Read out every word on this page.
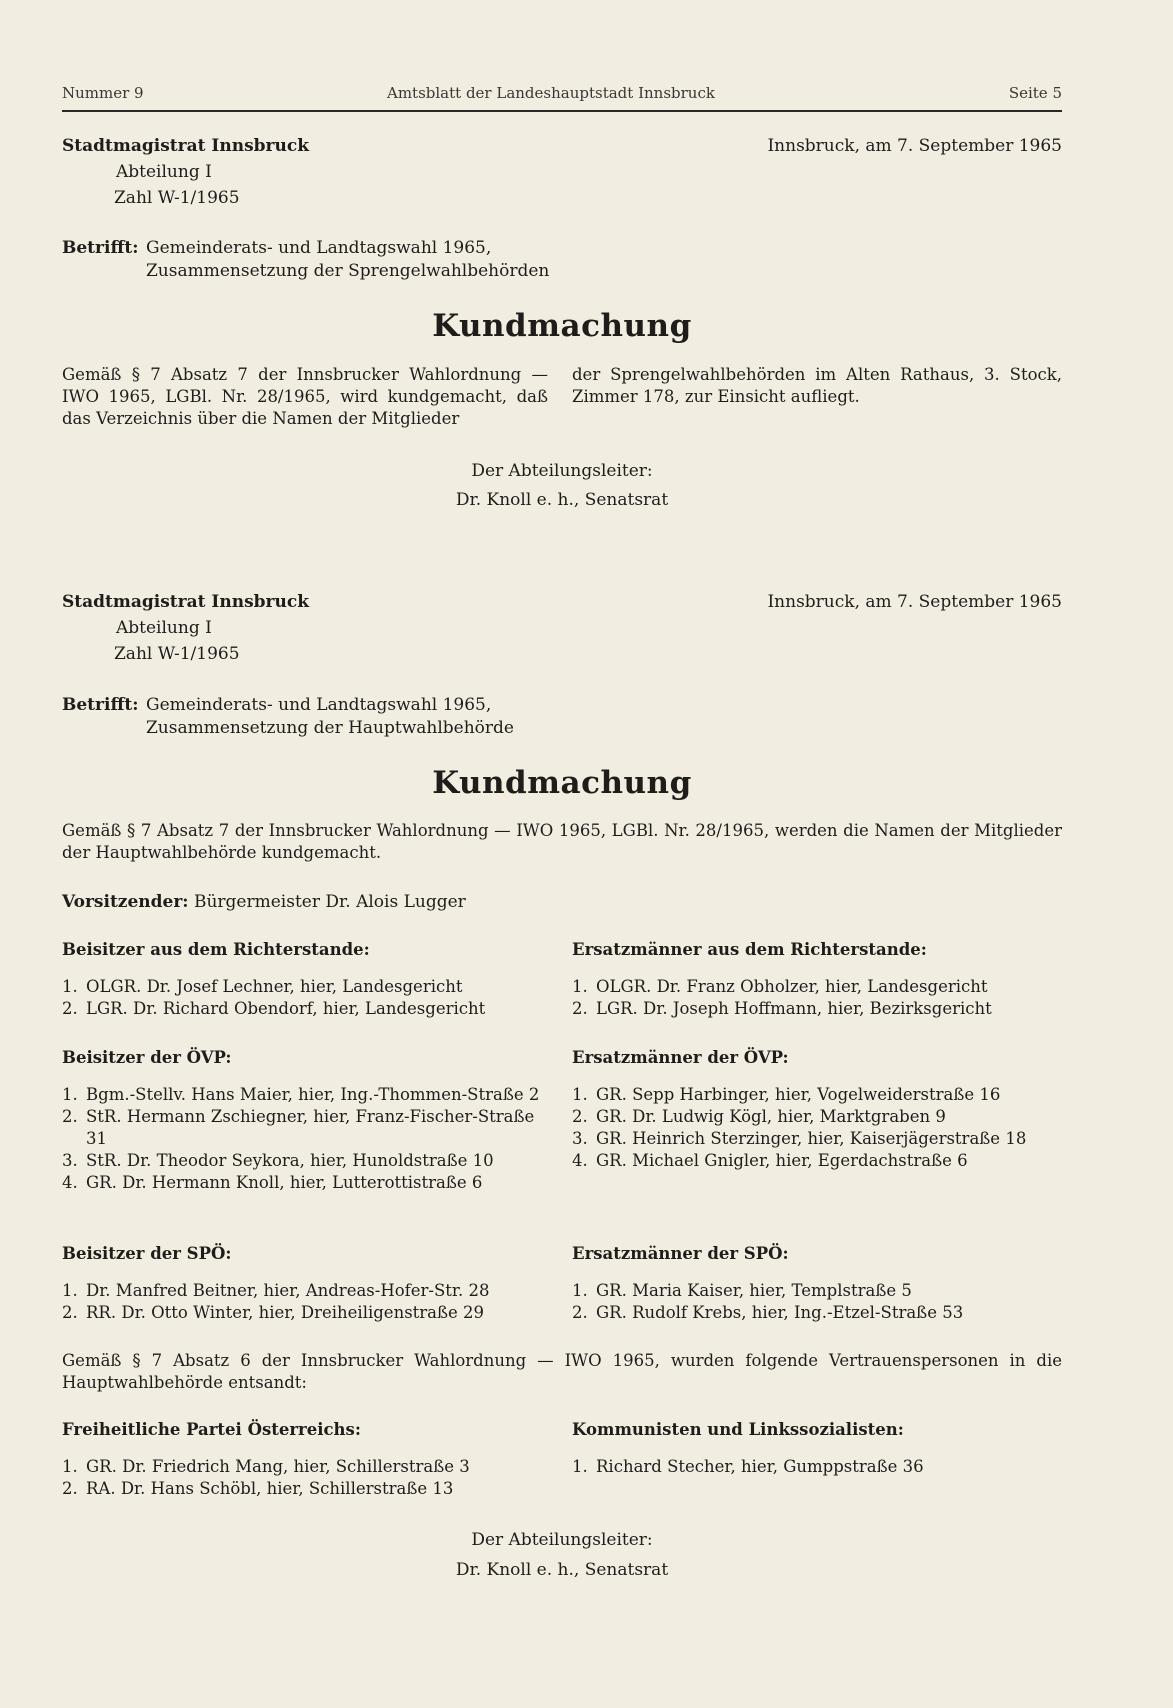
Nummer 9	Amtsblatt der Landeshauptstadt Innsbruck	Seite 5
Stadtmagistrat Innsbruck
Abteilung I
Zahl W-1/1965
Innsbruck, am 7. September 1965
Betrifft: Gemeinderats- und Landtagswahl 1965,
Zusammensetzung der Sprengelwahlbehörden
Kundmachung
Gemäß § 7 Absatz 7 der Innsbrucker Wahlordnung — IWO 1965, LGBl. Nr. 28/1965, wird kundgemacht, daß das Verzeichnis über die Namen der Mitglieder
der Sprengelwahlbehörden im Alten Rathaus, 3. Stock, Zimmer 178, zur Einsicht aufliegt.
Der Abteilungsleiter:
Dr. Knoll e. h., Senatsrat
Stadtmagistrat Innsbruck
Abteilung I
Zahl W-1/1965
Innsbruck, am 7. September 1965
Betrifft: Gemeinderats- und Landtagswahl 1965,
Zusammensetzung der Hauptwahlbehörde
Kundmachung
Gemäß § 7 Absatz 7 der Innsbrucker Wahlordnung — IWO 1965, LGBl. Nr. 28/1965, werden die Namen der Mitglieder der Hauptwahlbehörde kundgemacht.
Vorsitzender: Bürgermeister Dr. Alois Lugger
Beisitzer aus dem Richterstande:
1. OLGR. Dr. Josef Lechner, hier, Landesgericht
2. LGR. Dr. Richard Obendorf, hier, Landesgericht
Ersatzmänner aus dem Richterstande:
1. OLGR. Dr. Franz Obholzer, hier, Landesgericht
2. LGR. Dr. Joseph Hoffmann, hier, Bezirksgericht
Beisitzer der ÖVP:
1. Bgm.-Stellv. Hans Maier, hier, Ing.-Thommen-Straße 2
2. StR. Hermann Zschiegner, hier, Franz-Fischer-Straße 31
3. StR. Dr. Theodor Seykora, hier, Hunoldstraße 10
4. GR. Dr. Hermann Knoll, hier, Lutterottistraße 6
Ersatzmänner der ÖVP:
1. GR. Sepp Harbinger, hier, Vogelweiderstraße 16
2. GR. Dr. Ludwig Kögl, hier, Marktgraben 9
3. GR. Heinrich Sterzinger, hier, Kaiserjägerstraße 18
4. GR. Michael Gnigler, hier, Egerdachstraße 6
Beisitzer der SPÖ:
1. Dr. Manfred Beitner, hier, Andreas-Hofer-Str. 28
2. RR. Dr. Otto Winter, hier, Dreiheiligenstraße 29
Ersatzmänner der SPÖ:
1. GR. Maria Kaiser, hier, Templstraße 5
2. GR. Rudolf Krebs, hier, Ing.-Etzel-Straße 53
Gemäß § 7 Absatz 6 der Innsbrucker Wahlordnung — IWO 1965, wurden folgende Vertrauenspersonen in die Hauptwahlbehörde entsandt:
Freiheitliche Partei Österreichs:
1. GR. Dr. Friedrich Mang, hier, Schillerstraße 3
2. RA. Dr. Hans Schöbl, hier, Schillerstraße 13
Kommunisten und Linkssozialisten:
1. Richard Stecher, hier, Gumppstraße 36
Der Abteilungsleiter:
Dr. Knoll e. h., Senatsrat
